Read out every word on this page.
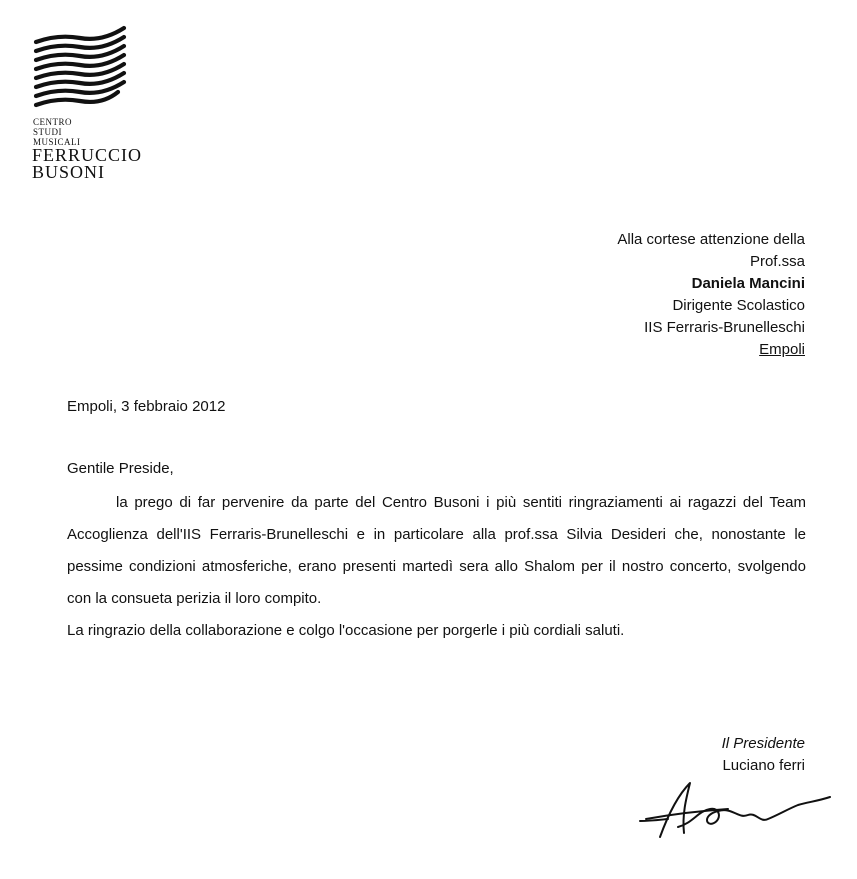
CENTRO
STUDI
MUSICALI
FERRUCCIO
BUSONI
Alla cortese attenzione della
Prof.ssa
Daniela Mancini
Dirigente Scolastico
IIS Ferraris-Brunelleschi
Empoli
Empoli, 3 febbraio 2012
Gentile Preside,
la prego di far pervenire da parte del Centro Busoni i più sentiti ringraziamenti ai ragazzi del Team Accoglienza dell'IIS Ferraris-Brunelleschi e in particolare alla prof.ssa Silvia Desideri che, nonostante le pessime condizioni atmosferiche, erano presenti martedì sera allo Shalom per il nostro concerto, svolgendo con la consueta perizia il loro compito.
La ringrazio della collaborazione e colgo l'occasione per porgerle i più cordiali saluti.
Il Presidente
Luciano ferri
